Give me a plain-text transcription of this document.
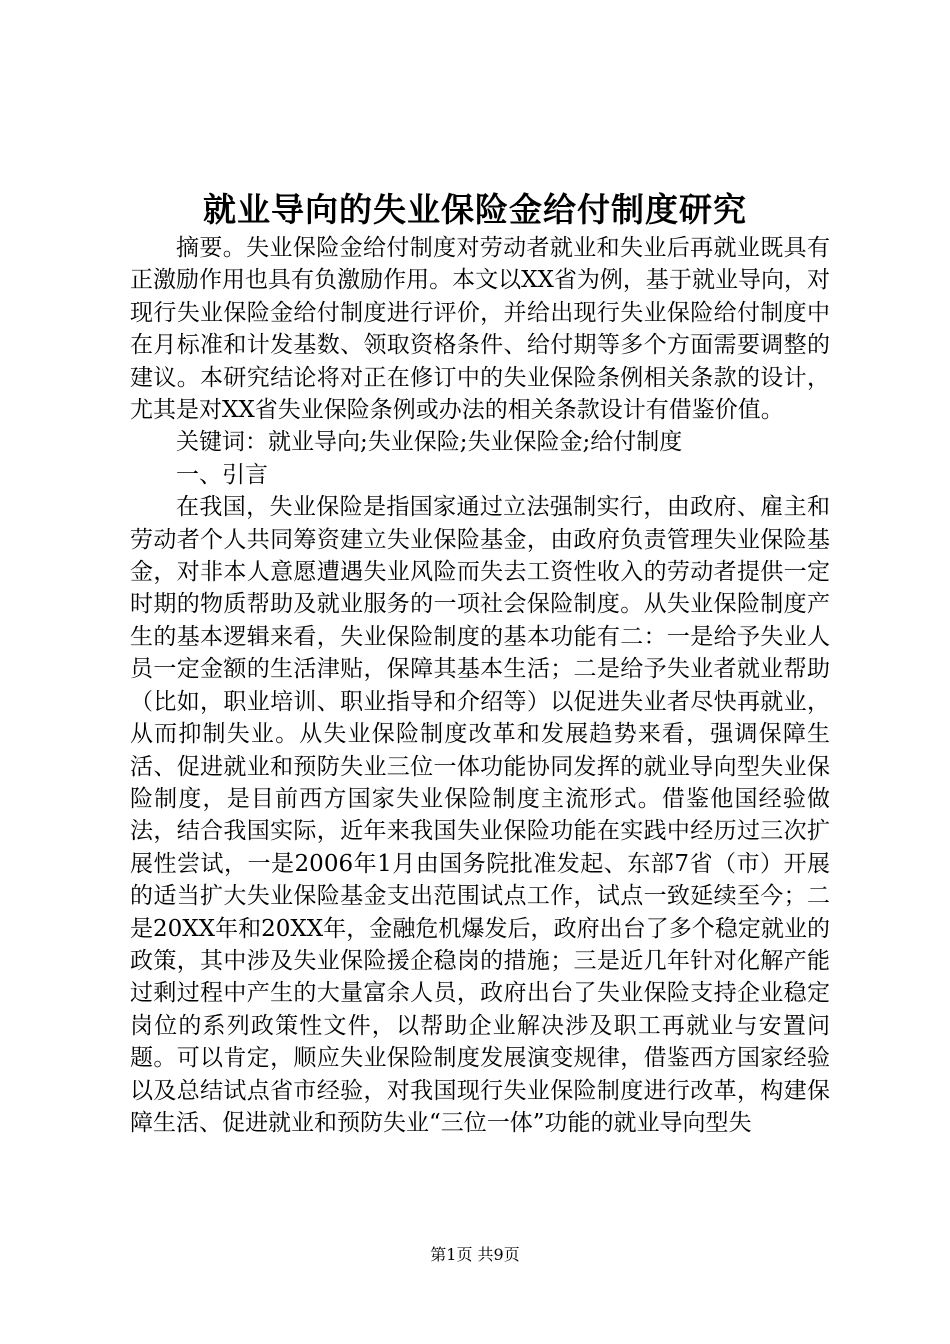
就业导向的失业保险金给付制度研究

摘要。失业保险金给付制度对劳动者就业和失业后再就业既具有正激励作用也具有负激励作用。本文以XX省为例，基于就业导向，对现行失业保险金给付制度进行评价，并给出现行失业保险给付制度中在月标准和计发基数、领取资格条件、给付期等多个方面需要调整的建议。本研究结论将对正在修订中的失业保险条例相关条款的设计，尤其是对XX省失业保险条例或办法的相关条款设计有借鉴价值。

关键词：就业导向;失业保险;失业保险金;给付制度

一、引言

在我国，失业保险是指国家通过立法强制实行，由政府、雇主和劳动者个人共同筹资建立失业保险基金，由政府负责管理失业保险基金，对非本人意愿遭遇失业风险而失去工资性收入的劳动者提供一定时期的物质帮助及就业服务的一项社会保险制度。从失业保险制度产生的基本逻辑来看，失业保险制度的基本功能有二：一是给予失业人员一定金额的生活津贴，保障其基本生活；二是给予失业者就业帮助（比如，职业培训、职业指导和介绍等）以促进失业者尽快再就业，从而抑制失业。从失业保险制度改革和发展趋势来看，强调保障生活、促进就业和预防失业三位一体功能协同发挥的就业导向型失业保险制度，是目前西方国家失业保险制度主流形式。借鉴他国经验做法，结合我国实际，近年来我国失业保险功能在实践中经历过三次扩展性尝试，一是2006年1月由国务院批准发起、东部7省（市）开展的适当扩大失业保险基金支出范围试点工作，试点一致延续至今；二是20XX年和20XX年，金融危机爆发后，政府出台了多个稳定就业的政策，其中涉及失业保险援企稳岗的措施；三是近几年针对化解产能过剩过程中产生的大量富余人员，政府出台了失业保险支持企业稳定岗位的系列政策性文件，以帮助企业解决涉及职工再就业与安置问题。可以肯定，顺应失业保险制度发展演变规律，借鉴西方国家经验以及总结试点省市经验，对我国现行失业保险制度进行改革，构建保障生活、促进就业和预防失业“三位一体”功能的就业导向型失

第1页 共9页
